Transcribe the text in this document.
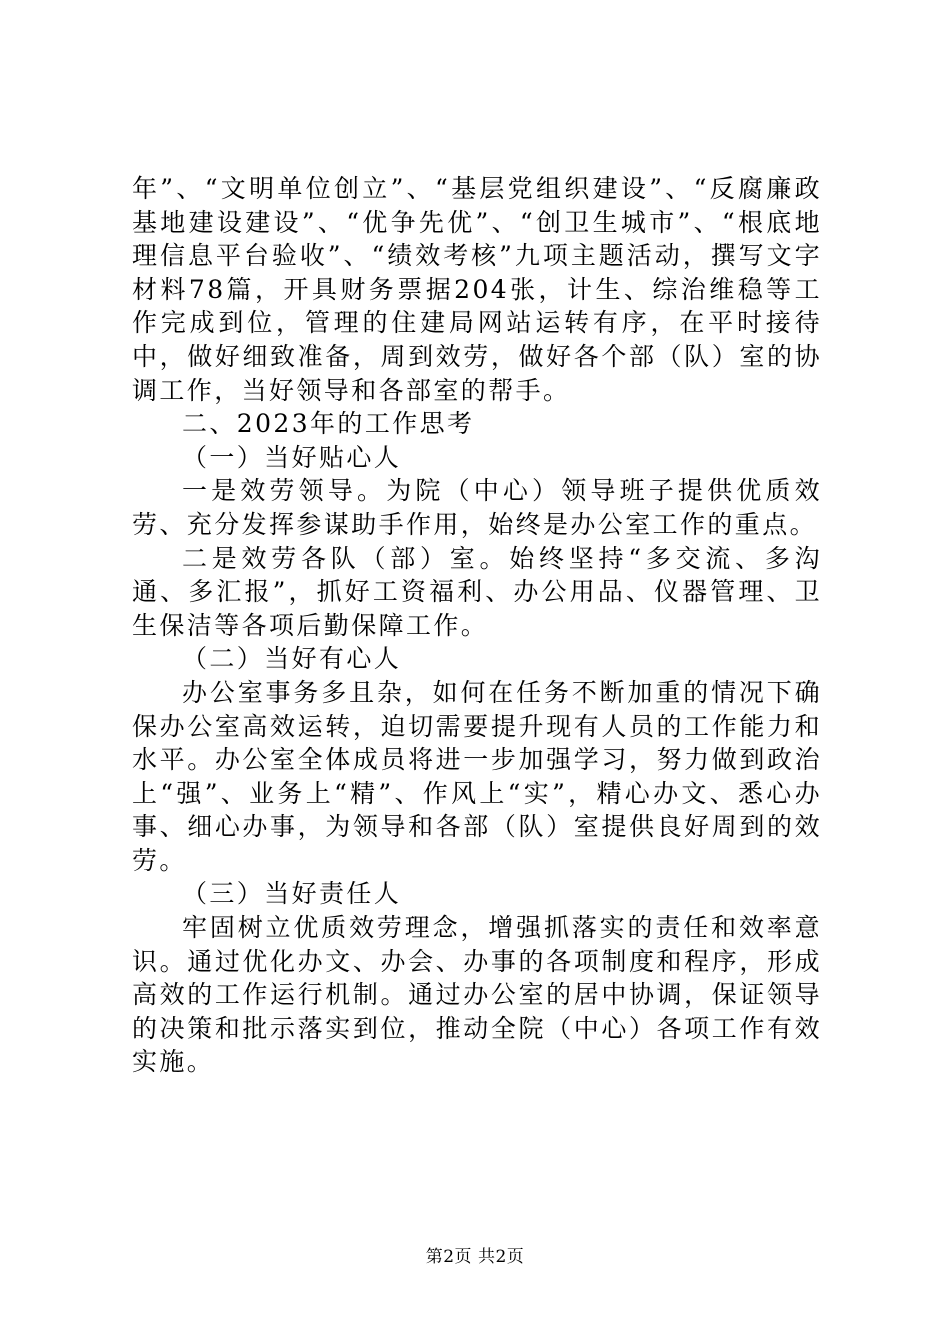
年”、“文明单位创立”、“基层党组织建设”、“反腐廉政基地建设建设”、“优争先优”、“创卫生城市”、“根底地理信息平台验收”、“绩效考核”九项主题活动，撰写文字材料78篇，开具财务票据204张，计生、综治维稳等工作完成到位，管理的住建局网站运转有序，在平时接待中，做好细致准备，周到效劳，做好各个部（队）室的协调工作，当好领导和各部室的帮手。

二、2023年的工作思考

（一）当好贴心人

一是效劳领导。为院（中心）领导班子提供优质效劳、充分发挥参谋助手作用，始终是办公室工作的重点。

二是效劳各队（部）室。始终坚持“多交流、多沟通、多汇报”，抓好工资福利、办公用品、仪器管理、卫生保洁等各项后勤保障工作。

（二）当好有心人

办公室事务多且杂，如何在任务不断加重的情况下确保办公室高效运转，迫切需要提升现有人员的工作能力和水平。办公室全体成员将进一步加强学习，努力做到政治上“强”、业务上“精”、作风上“实”，精心办文、悉心办事、细心办事，为领导和各部（队）室提供良好周到的效劳。

（三）当好责任人

牢固树立优质效劳理念，增强抓落实的责任和效率意识。通过优化办文、办会、办事的各项制度和程序，形成高效的工作运行机制。通过办公室的居中协调，保证领导的决策和批示落实到位，推动全院（中心）各项工作有效实施。

第2页 共2页
